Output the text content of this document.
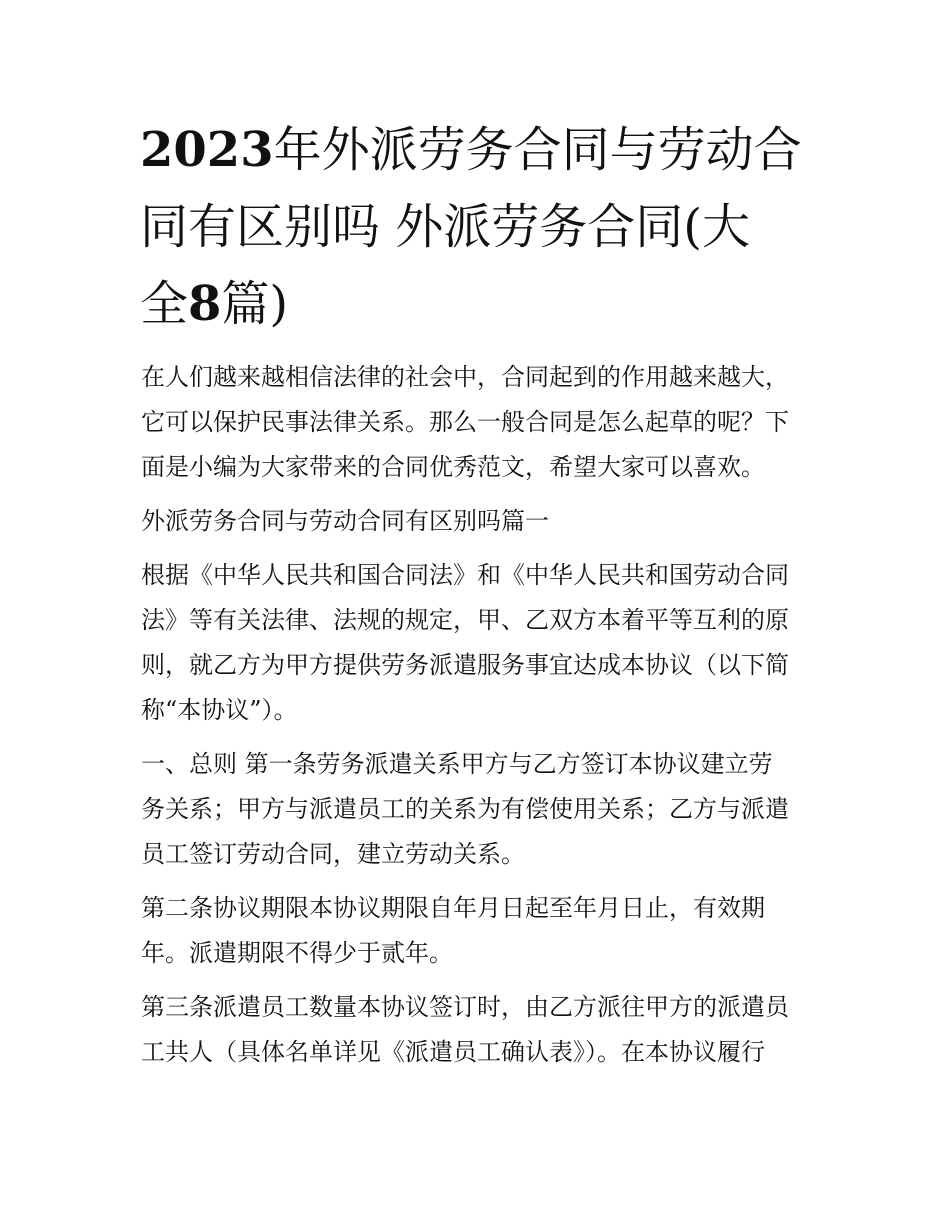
2023年外派劳务合同与劳动合
同有区别吗 外派劳务合同(大
全8篇)
在人们越来越相信法律的社会中，合同起到的作用越来越大，
它可以保护民事法律关系。那么一般合同是怎么起草的呢？下
面是小编为大家带来的合同优秀范文，希望大家可以喜欢。
外派劳务合同与劳动合同有区别吗篇一
根据《中华人民共和国合同法》和《中华人民共和国劳动合同
法》等有关法律、法规的规定，甲、乙双方本着平等互利的原
则，就乙方为甲方提供劳务派遣服务事宜达成本协议（以下简
称“本协议”）。
一、总则 第一条劳务派遣关系甲方与乙方签订本协议建立劳
务关系；甲方与派遣员工的关系为有偿使用关系；乙方与派遣
员工签订劳动合同，建立劳动关系。
第二条协议期限本协议期限自年月日起至年月日止，有效期
年。派遣期限不得少于贰年。
第三条派遣员工数量本协议签订时，由乙方派往甲方的派遣员
工共人（具体名单详见《派遣员工确认表》）。在本协议履行
